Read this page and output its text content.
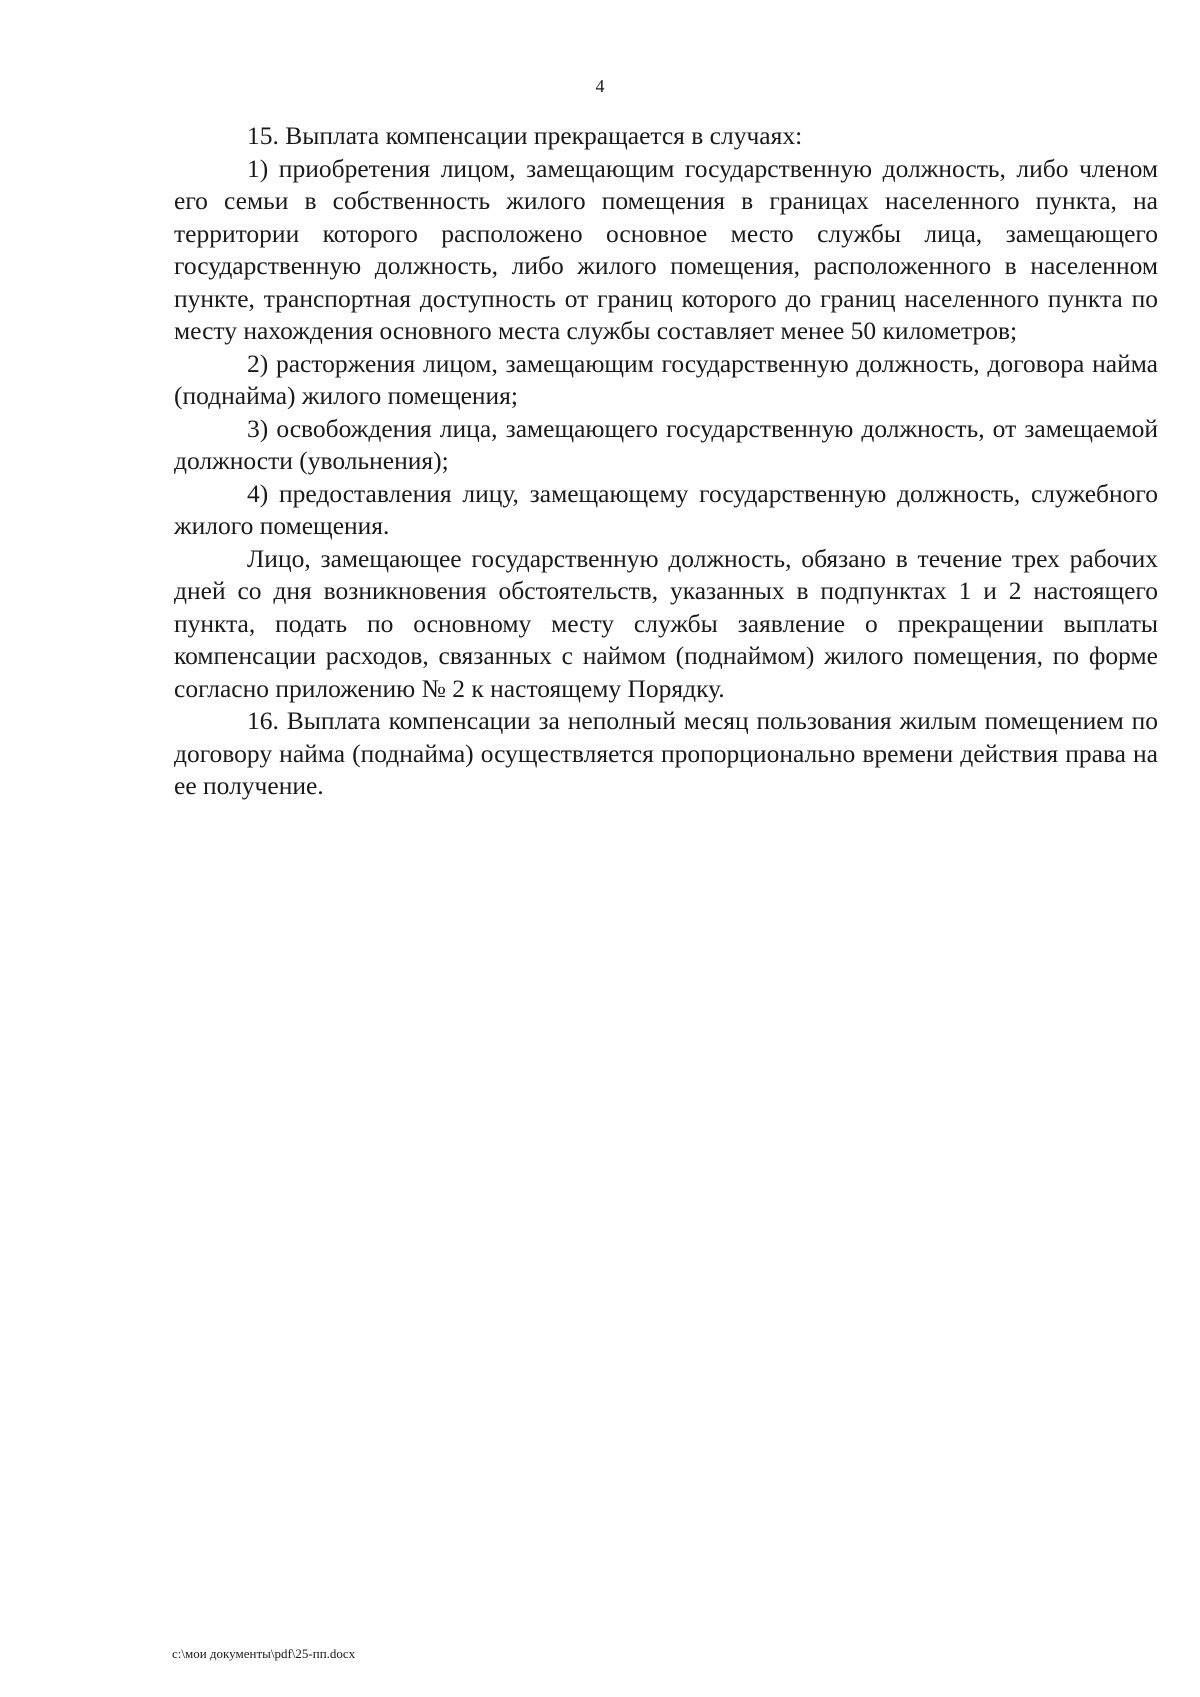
4

15. Выплата компенсации прекращается в случаях:

1) приобретения лицом, замещающим государственную должность, либо членом его семьи в собственность жилого помещения в границах населенного пункта, на территории которого расположено основное место службы лица, замещающего государственную должность, либо жилого помещения, расположенного в населенном пункте, транспортная доступность от границ которого до границ населенного пункта по месту нахождения основного места службы составляет менее 50 километров;

2) расторжения лицом, замещающим государственную должность, договора найма (поднайма) жилого помещения;

3) освобождения лица, замещающего государственную должность, от замещаемой должности (увольнения);

4) предоставления лицу, замещающему государственную должность, служебного жилого помещения.

Лицо, замещающее государственную должность, обязано в течение трех рабочих дней со дня возникновения обстоятельств, указанных в подпунктах 1 и 2 настоящего пункта, подать по основному месту службы заявление о прекращении выплаты компенсации расходов, связанных с наймом (поднаймом) жилого помещения, по форме согласно приложению № 2 к настоящему Порядку.

16. Выплата компенсации за неполный месяц пользования жилым помещением по договору найма (поднайма) осуществляется пропорционально времени действия права на ее получение.

c:\мои документы\pdf\25-пп.docx
